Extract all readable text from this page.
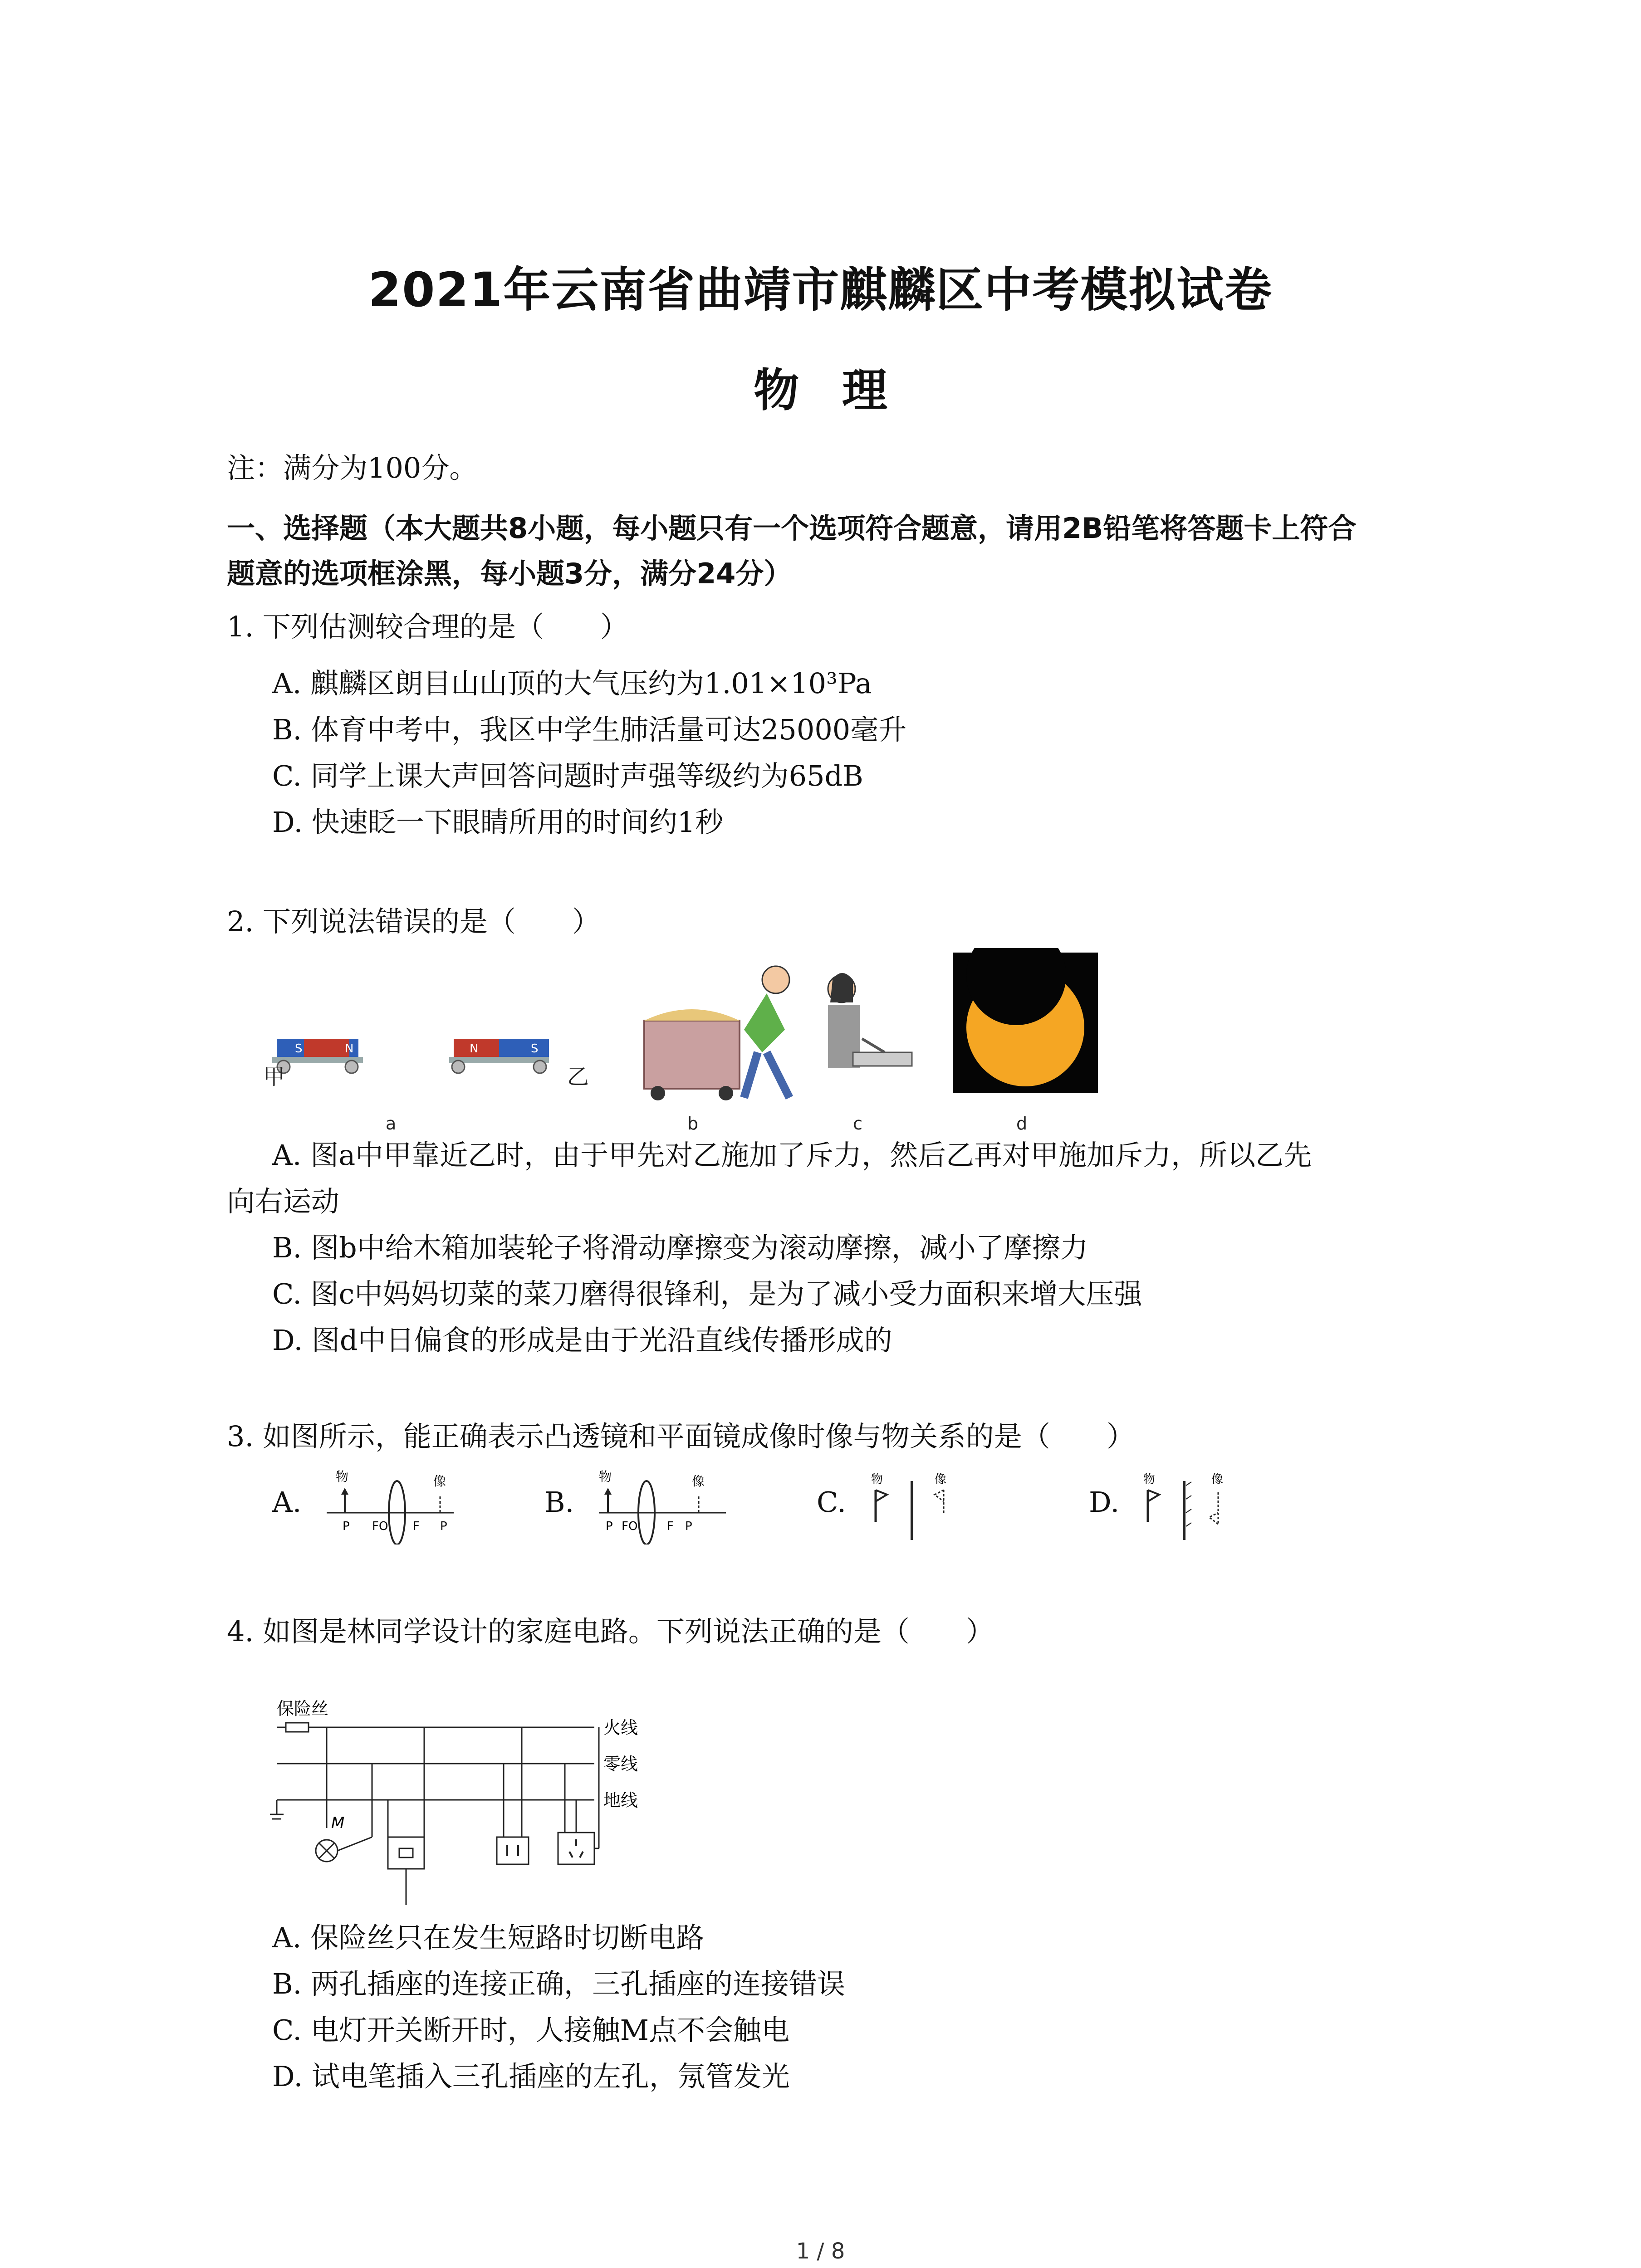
2021年云南省曲靖市麒麟区中考模拟试卷
物 理
注：满分为100分。
一、选择题（本大题共8小题，每小题只有一个选项符合题意，请用2B铅笔将答题卡上符合
题意的选项框涂黑，每小题3分，满分24分）
1. 下列估测较合理的是（　　）
A. 麒麟区朗目山山顶的大气压约为1.01×10³Pa
B. 体育中考中，我区中学生肺活量可达25000毫升
C. 同学上课大声回答问题时声强等级约为65dB
D. 快速眨一下眼睛所用的时间约1秒
2. 下列说法错误的是（　　）
S	N
甲
N	S
乙
a	b	c	d
A. 图a中甲靠近乙时，由于甲先对乙施加了斥力，然后乙再对甲施加斥力，所以乙先
向右运动
B. 图b中给木箱加装轮子将滑动摩擦变为滚动摩擦，减小了摩擦力
C. 图c中妈妈切菜的菜刀磨得很锋利，是为了减小受力面积来增大压强
D. 图d中日偏食的形成是由于光沿直线传播形成的
3. 如图所示，能正确表示凸透镜和平面镜成像时像与物关系的是（　　）
A.
物	像
P FO F P
B.
物	像
P FO F P
C.
物	像
D.
物	像
4. 如图是林同学设计的家庭电路。下列说法正确的是（　　）
保险丝
火线
零线
地线
M
A. 保险丝只在发生短路时切断电路
B. 两孔插座的连接正确，三孔插座的连接错误
C. 电灯开关断开时，人接触M点不会触电
D. 试电笔插入三孔插座的左孔，氖管发光
1 / 8
